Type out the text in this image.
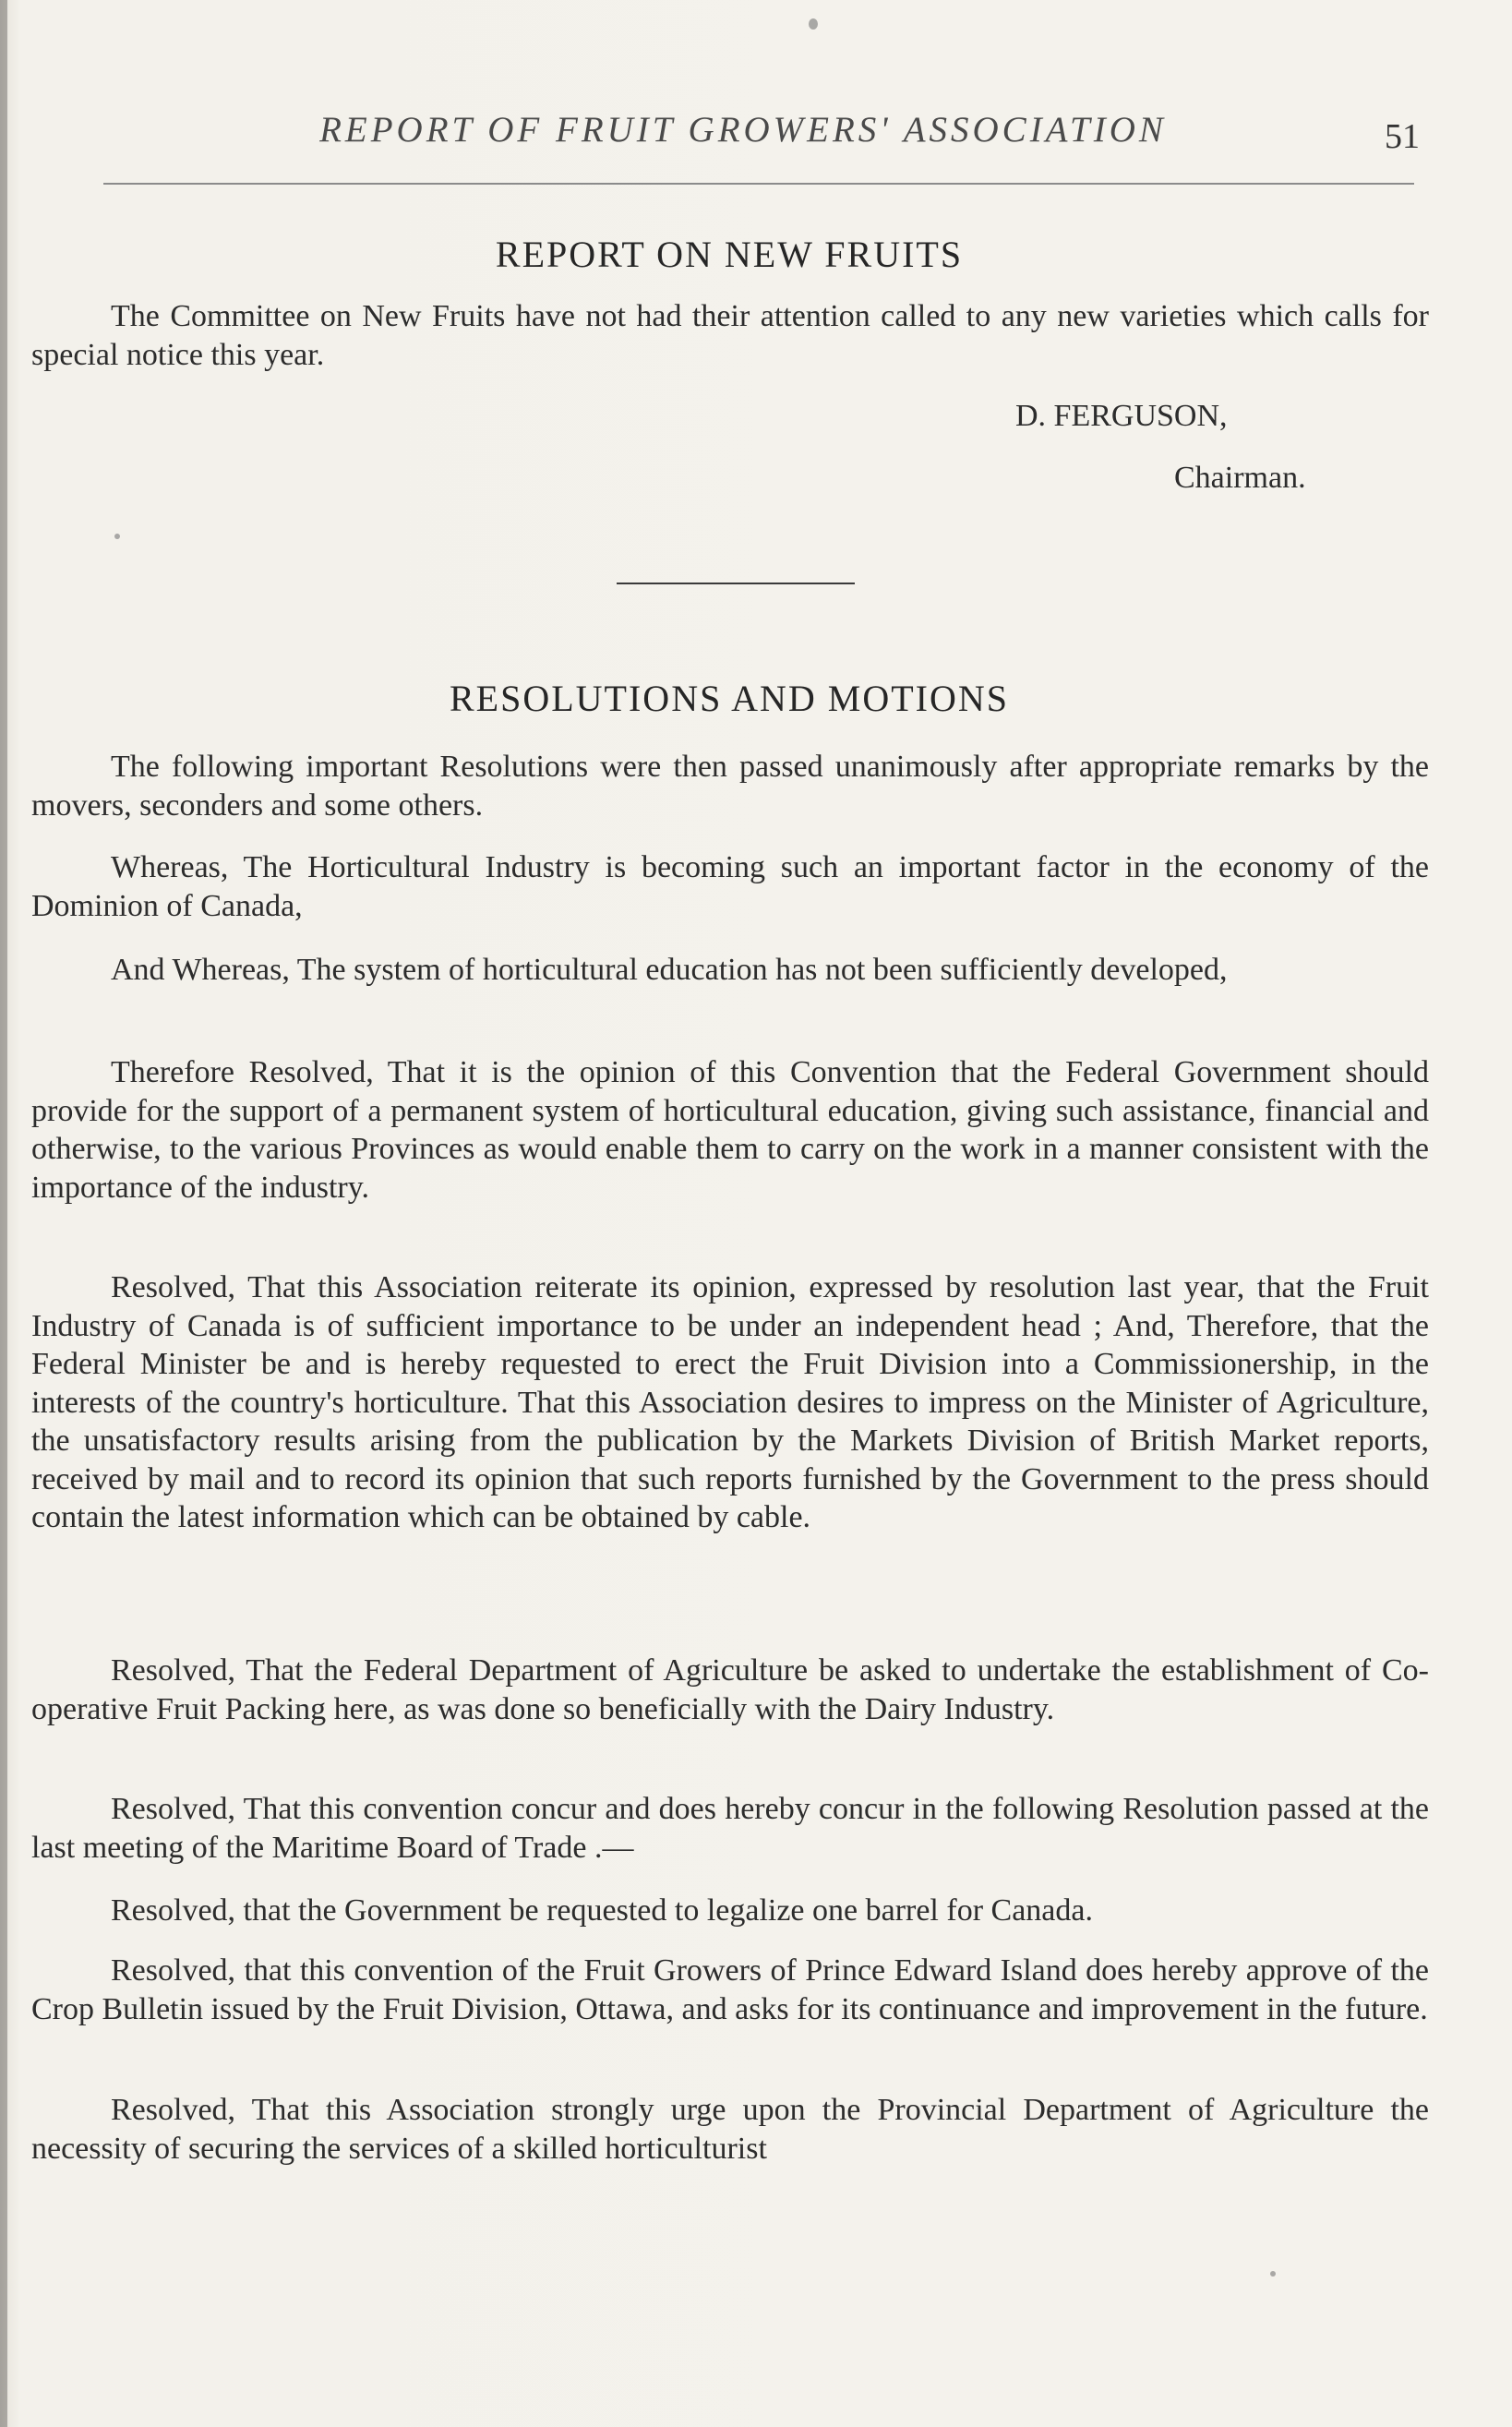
REPORT OF FRUIT GROWERS' ASSOCIATION	51
REPORT ON NEW FRUITS
The Committee on New Fruits have not had their attention called to any new varieties which calls for special notice this year.
D. FERGUSON,
Chairman.
RESOLUTIONS AND MOTIONS
The following important Resolutions were then passed unanimously after appropriate remarks by the movers, seconders and some others.
Whereas, The Horticultural Industry is becoming such an important factor in the economy of the Dominion of Canada,
And Whereas, The system of horticultural education has not been sufficiently developed,
Therefore Resolved, That it is the opinion of this Convention that the Federal Government should provide for the support of a permanent system of horticultural education, giving such assistance, financial and otherwise, to the various Provinces as would enable them to carry on the work in a manner consistent with the importance of the industry.
Resolved, That this Association reiterate its opinion, expressed by resolution last year, that the Fruit Industry of Canada is of sufficient importance to be under an independent head ; And, Therefore, that the Federal Minister be and is hereby requested to erect the Fruit Division into a Commissionership, in the interests of the country's horticulture. That this Association desires to impress on the Minister of Agriculture, the unsatisfactory results arising from the publication by the Markets Division of British Market reports, received by mail and to record its opinion that such reports furnished by the Government to the press should contain the latest information which can be obtained by cable.
Resolved, That the Federal Department of Agriculture be asked to undertake the establishment of Co-operative Fruit Packing here, as was done so beneficially with the Dairy Industry.
Resolved, That this convention concur and does hereby concur in the following Resolution passed at the last meeting of the Maritime Board of Trade .—
Resolved, that the Government be requested to legalize one barrel for Canada.
Resolved, that this convention of the Fruit Growers of Prince Edward Island does hereby approve of the Crop Bulletin issued by the Fruit Division, Ottawa, and asks for its continuance and improvement in the future.
Resolved, That this Association strongly urge upon the Provincial Department of Agriculture the necessity of securing the services of a skilled horticulturist
